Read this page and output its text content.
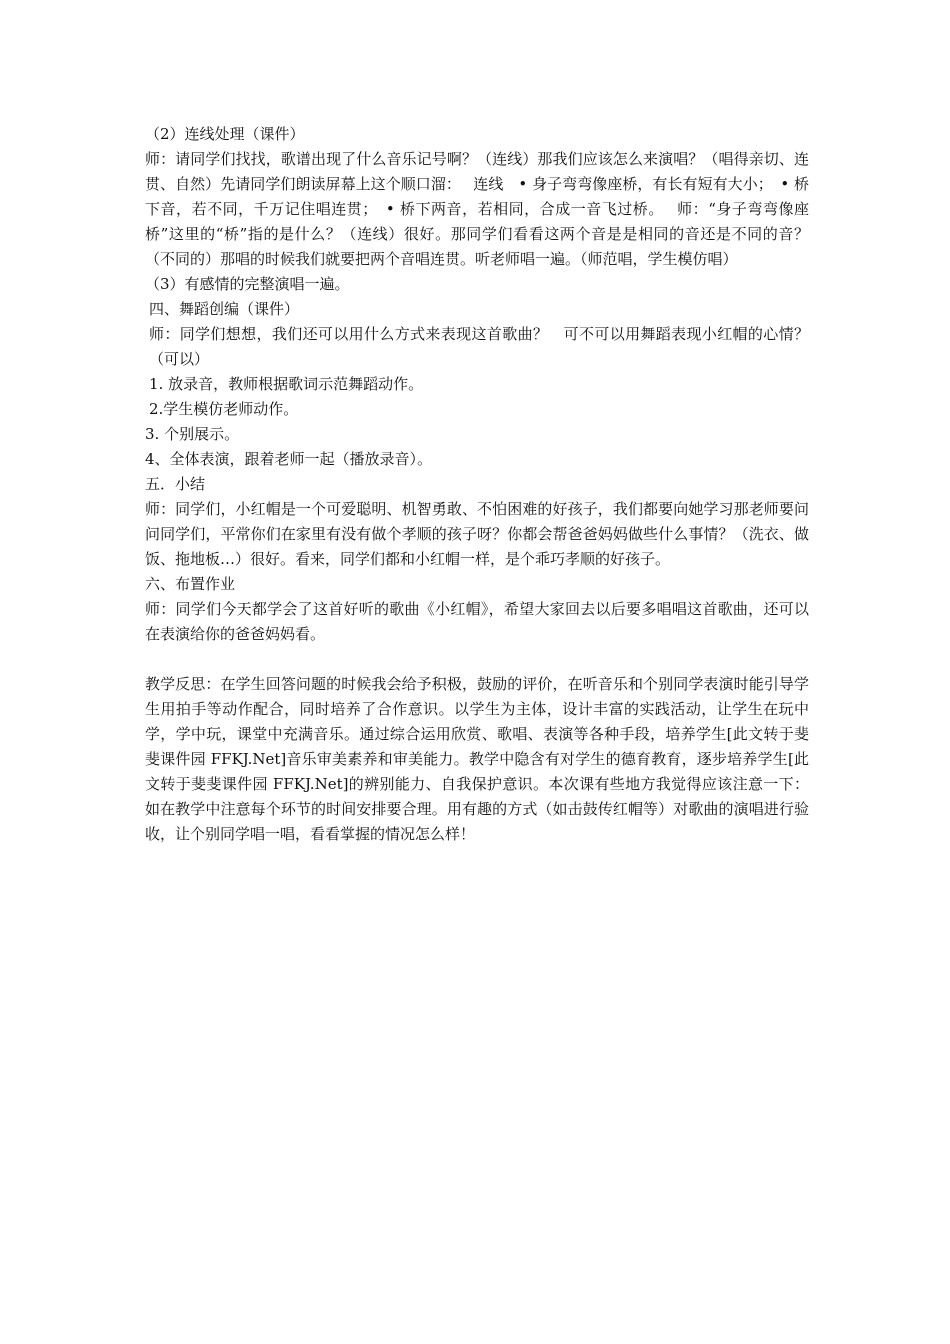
（2）连线处理（课件）

师：请同学们找找，歌谱出现了什么音乐记号啊？（连线）那我们应该怎么来演唱？（唱得亲切、连贯、自然）先请同学们朗读屏幕上这个顺口溜：　 连线　• 身子弯弯像座桥，有长有短有大小；　• 桥下音，若不同，千万记住唱连贯；　• 桥下两音，若相同，合成一音飞过桥。　 师：“身子弯弯像座桥”这里的“桥”指的是什么？（连线）很好。那同学们看看这两个音是是相同的音还是不同的音？（不同的）那唱的时候我们就要把两个音唱连贯。听老师唱一遍。（师范唱，学生模仿唱）

（3）有感情的完整演唱一遍。

四、舞蹈创编（课件）

师：同学们想想，我们还可以用什么方式来表现这首歌曲？　可不可以用舞蹈表现小红帽的心情？（可以）

1. 放录音，教师根据歌词示范舞蹈动作。

2.学生模仿老师动作。

3. 个别展示。

4、全体表演，跟着老师一起（播放录音）。

五．小结

师：同学们，小红帽是一个可爱聪明、机智勇敢、不怕困难的好孩子，我们都要向她学习那老师要问问同学们，平常你们在家里有没有做个孝顺的孩子呀？你都会帮爸爸妈妈做些什么事情？（洗衣、做饭、拖地板…）很好。看来，同学们都和小红帽一样，是个乖巧孝顺的好孩子。

六、布置作业

师：同学们今天都学会了这首好听的歌曲《小红帽》，希望大家回去以后要多唱唱这首歌曲，还可以在表演给你的爸爸妈妈看。

教学反思：在学生回答问题的时候我会给予积极，鼓励的评价，在听音乐和个别同学表演时能引导学生用拍手等动作配合，同时培养了合作意识。以学生为主体，设计丰富的实践活动，让学生在玩中学，学中玩，课堂中充满音乐。通过综合运用欣赏、歌唱、表演等各种手段，培养学生[此文转于斐斐课件园 FFKJ.Net]音乐审美素养和审美能力。教学中隐含有对学生的德育教育，逐步培养学生[此文转于斐斐课件园 FFKJ.Net]的辨别能力、自我保护意识。本次课有些地方我觉得应该注意一下：如在教学中注意每个环节的时间安排要合理。用有趣的方式（如击鼓传红帽等）对歌曲的演唱进行验收，让个别同学唱一唱，看看掌握的情况怎么样！
